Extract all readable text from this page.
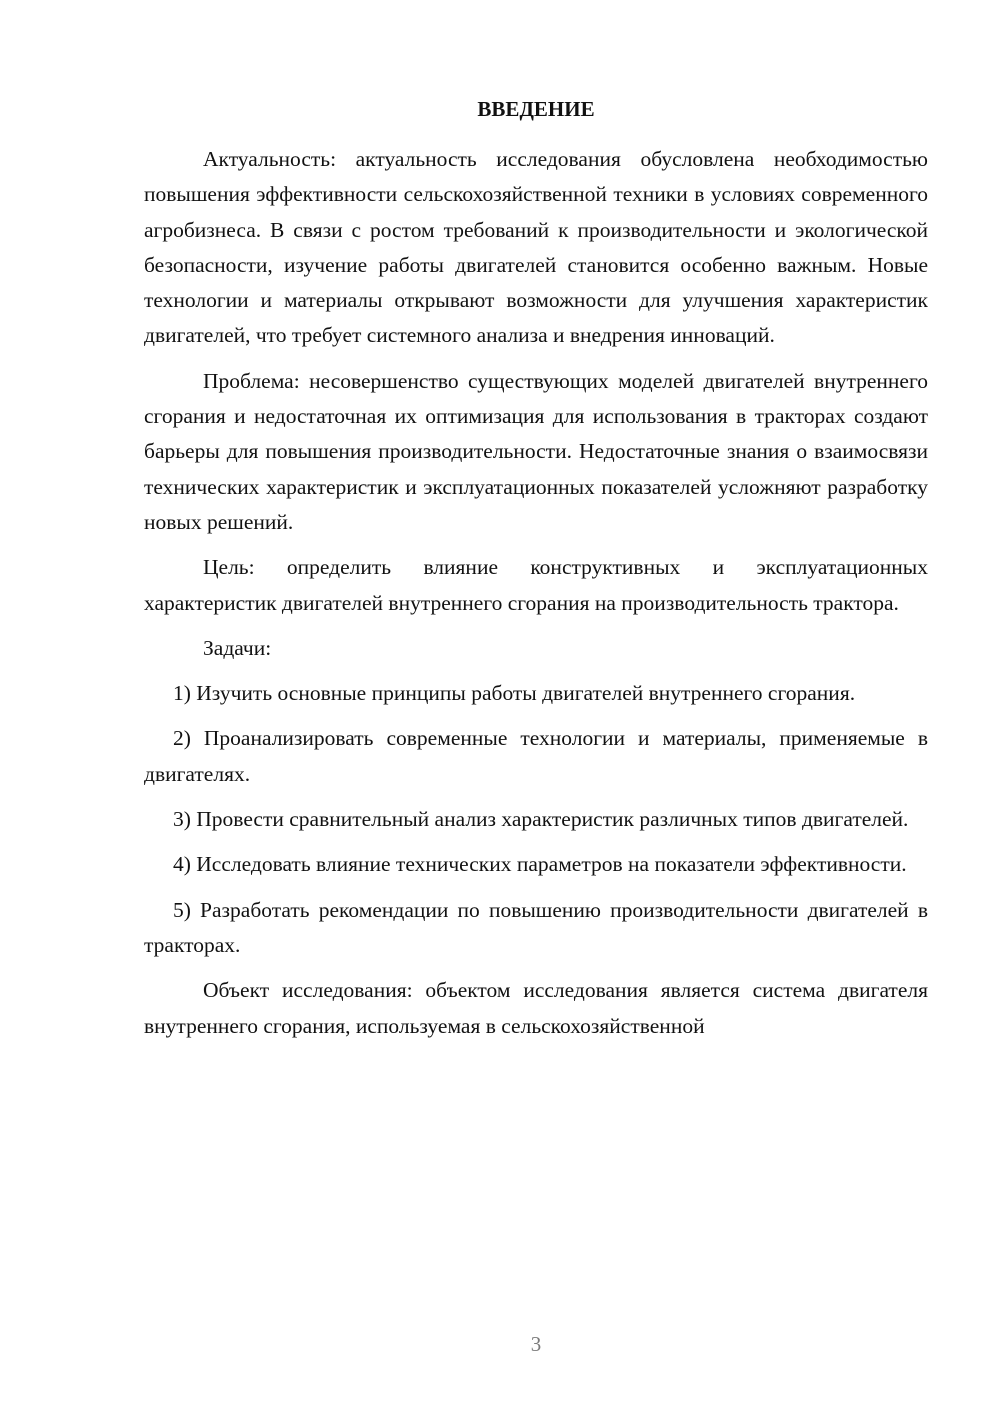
ВВЕДЕНИЕ

Актуальность: актуальность исследования обусловлена необходимостью повышения эффективности сельскохозяйственной техники в условиях современного агробизнеса. В связи с ростом требований к производительности и экологической безопасности, изучение работы двигателей становится особенно важным. Новые технологии и материалы открывают возможности для улучшения характеристик двигателей, что требует системного анализа и внедрения инноваций.

Проблема: несовершенство существующих моделей двигателей внутреннего сгорания и недостаточная их оптимизация для использования в тракторах создают барьеры для повышения производительности. Недостаточные знания о взаимосвязи технических характеристик и эксплуатационных показателей усложняют разработку новых решений.

Цель: определить влияние конструктивных и эксплуатационных характеристик двигателей внутреннего сгорания на производительность трактора.

Задачи:

1) Изучить основные принципы работы двигателей внутреннего сгорания.

2) Проанализировать современные технологии и материалы, применяемые в двигателях.

3) Провести сравнительный анализ характеристик различных типов двигателей.

4) Исследовать влияние технических параметров на показатели эффективности.

5) Разработать рекомендации по повышению производительности двигателей в тракторах.

Объект исследования: объектом исследования является система двигателя внутреннего сгорания, используемая в сельскохозяйственной

3
